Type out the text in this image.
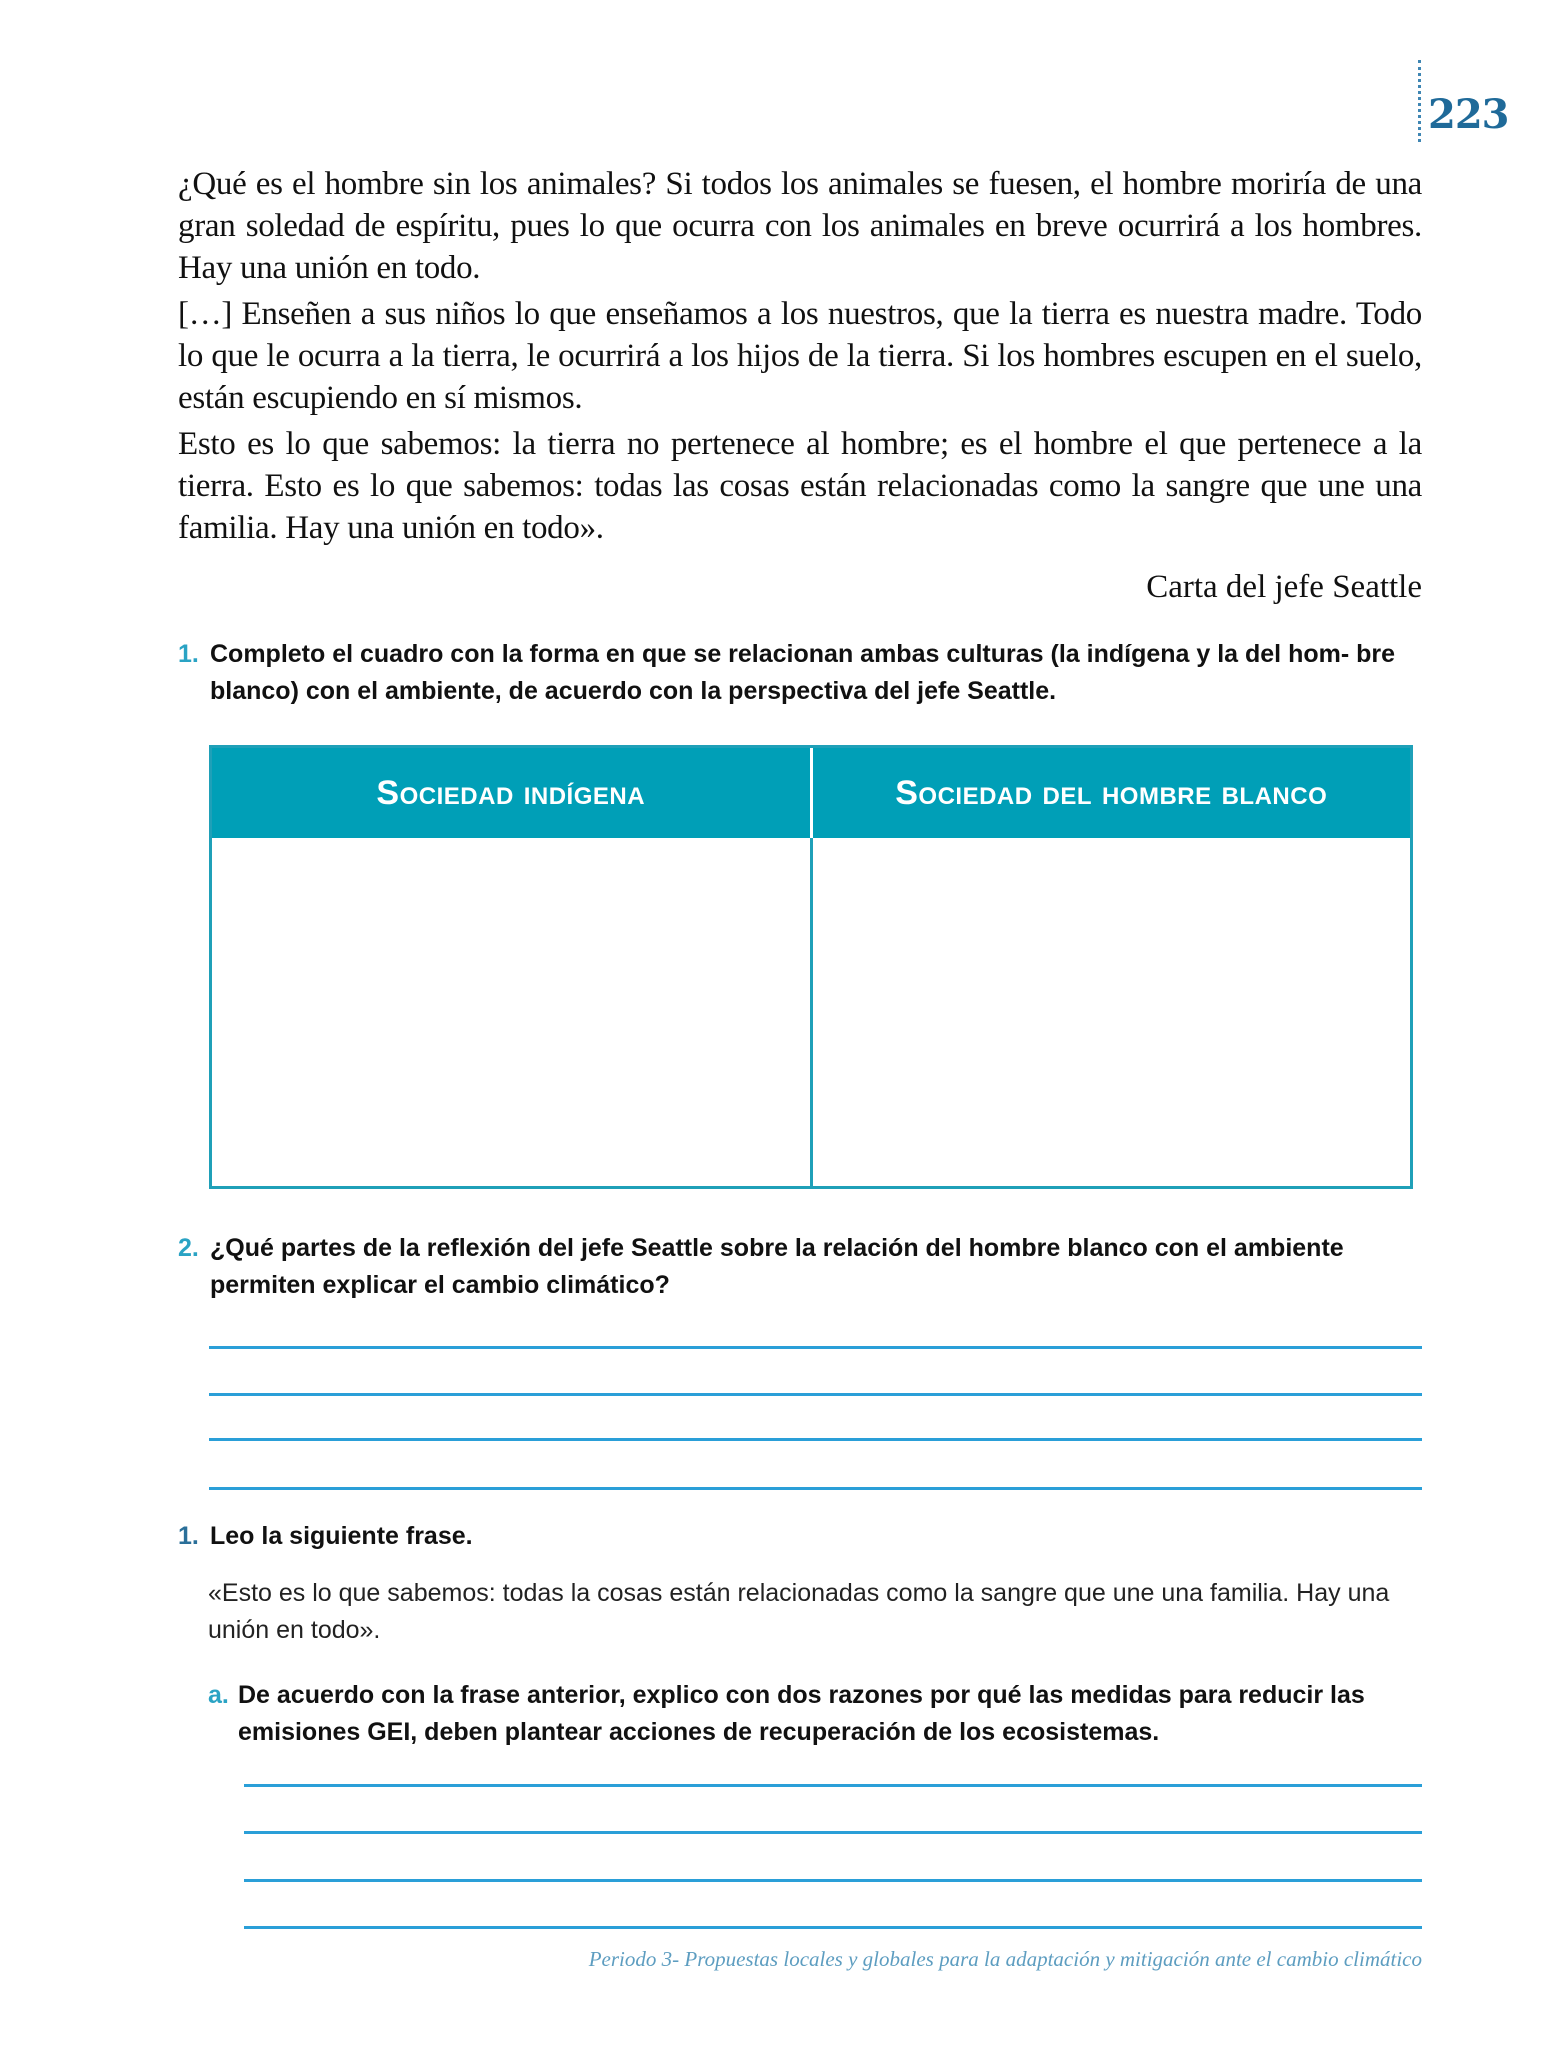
223

¿Qué es el hombre sin los animales? Si todos los animales se fuesen, el hombre moriría de una gran soledad de espíritu, pues lo que ocurra con los animales en breve ocurrirá a los hombres. Hay una unión en todo.

[…] Enseñen a sus niños lo que enseñamos a los nuestros, que la tierra es nuestra madre. Todo lo que le ocurra a la tierra, le ocurrirá a los hijos de la tierra. Si los hombres escupen en el suelo, están escupiendo en sí mismos.

Esto es lo que sabemos: la tierra no pertenece al hombre; es el hombre el que pertenece a la tierra. Esto es lo que sabemos: todas las cosas están relacionadas como la sangre que une una familia. Hay una unión en todo».

Carta del jefe Seattle
1. Completo el cuadro con la forma en que se relacionan ambas culturas (la indígena y la del hom- bre blanco) con el ambiente, de acuerdo con la perspectiva del jefe Seattle.
Sociedad indígena	Sociedad del hombre blanco
2. ¿Qué partes de la reflexión del jefe Seattle sobre la relación del hombre blanco con el ambiente permiten explicar el cambio climático?
1. Leo la siguiente frase.
«Esto es lo que sabemos: todas la cosas están relacionadas como la sangre que une una familia. Hay una unión en todo».
a. De acuerdo con la frase anterior, explico con dos razones por qué las medidas para reducir las emisiones GEI, deben plantear acciones de recuperación de los ecosistemas.
Periodo 3- Propuestas locales y globales para la adaptación y mitigación ante el cambio climático
